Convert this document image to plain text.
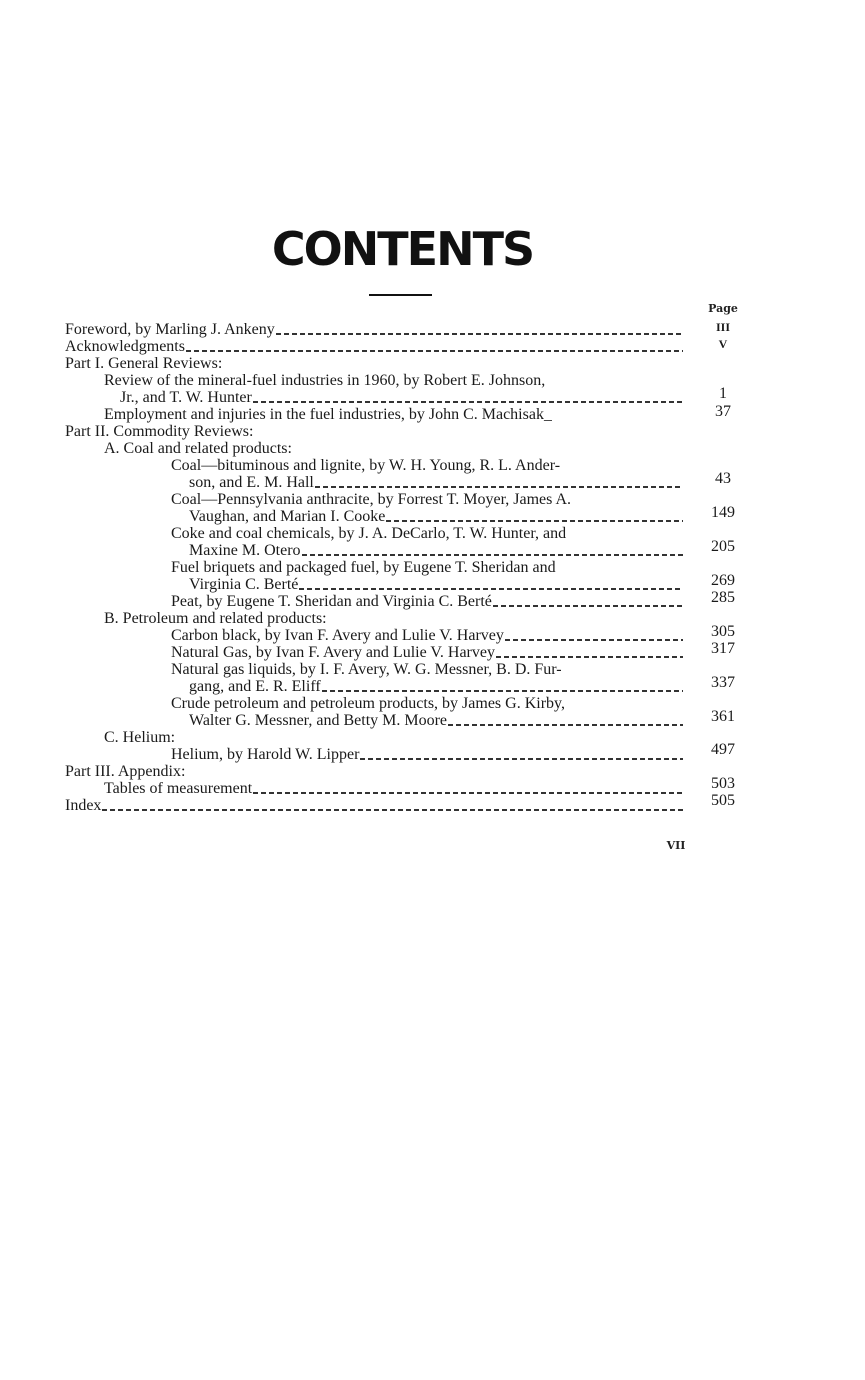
CONTENTS
Page
Foreword, by Marling J. Ankeny	III
Acknowledgments	V
Part I. General Reviews:
Review of the mineral-fuel industries in 1960, by Robert E. Johnson,
Jr., and T. W. Hunter	1
Employment and injuries in the fuel industries, by John C. Machisak_	37
Part II. Commodity Reviews:
A. Coal and related products:
Coal—bituminous and lignite, by W. H. Young, R. L. Ander-
son, and E. M. Hall	43
Coal—Pennsylvania anthracite, by Forrest T. Moyer, James A.
Vaughan, and Marian I. Cooke	149
Coke and coal chemicals, by J. A. DeCarlo, T. W. Hunter, and
Maxine M. Otero	205
Fuel briquets and packaged fuel, by Eugene T. Sheridan and
Virginia C. Berté	269
Peat, by Eugene T. Sheridan and Virginia C. Berté	285
B. Petroleum and related products:
Carbon black, by Ivan F. Avery and Lulie V. Harvey	305
Natural Gas, by Ivan F. Avery and Lulie V. Harvey	317
Natural gas liquids, by I. F. Avery, W. G. Messner, B. D. Fur-
gang, and E. R. Eliff	337
Crude petroleum and petroleum products, by James G. Kirby,
Walter G. Messner, and Betty M. Moore	361
C. Helium:
Helium, by Harold W. Lipper	497
Part III. Appendix:
Tables of measurement	503
Index	505
VII
